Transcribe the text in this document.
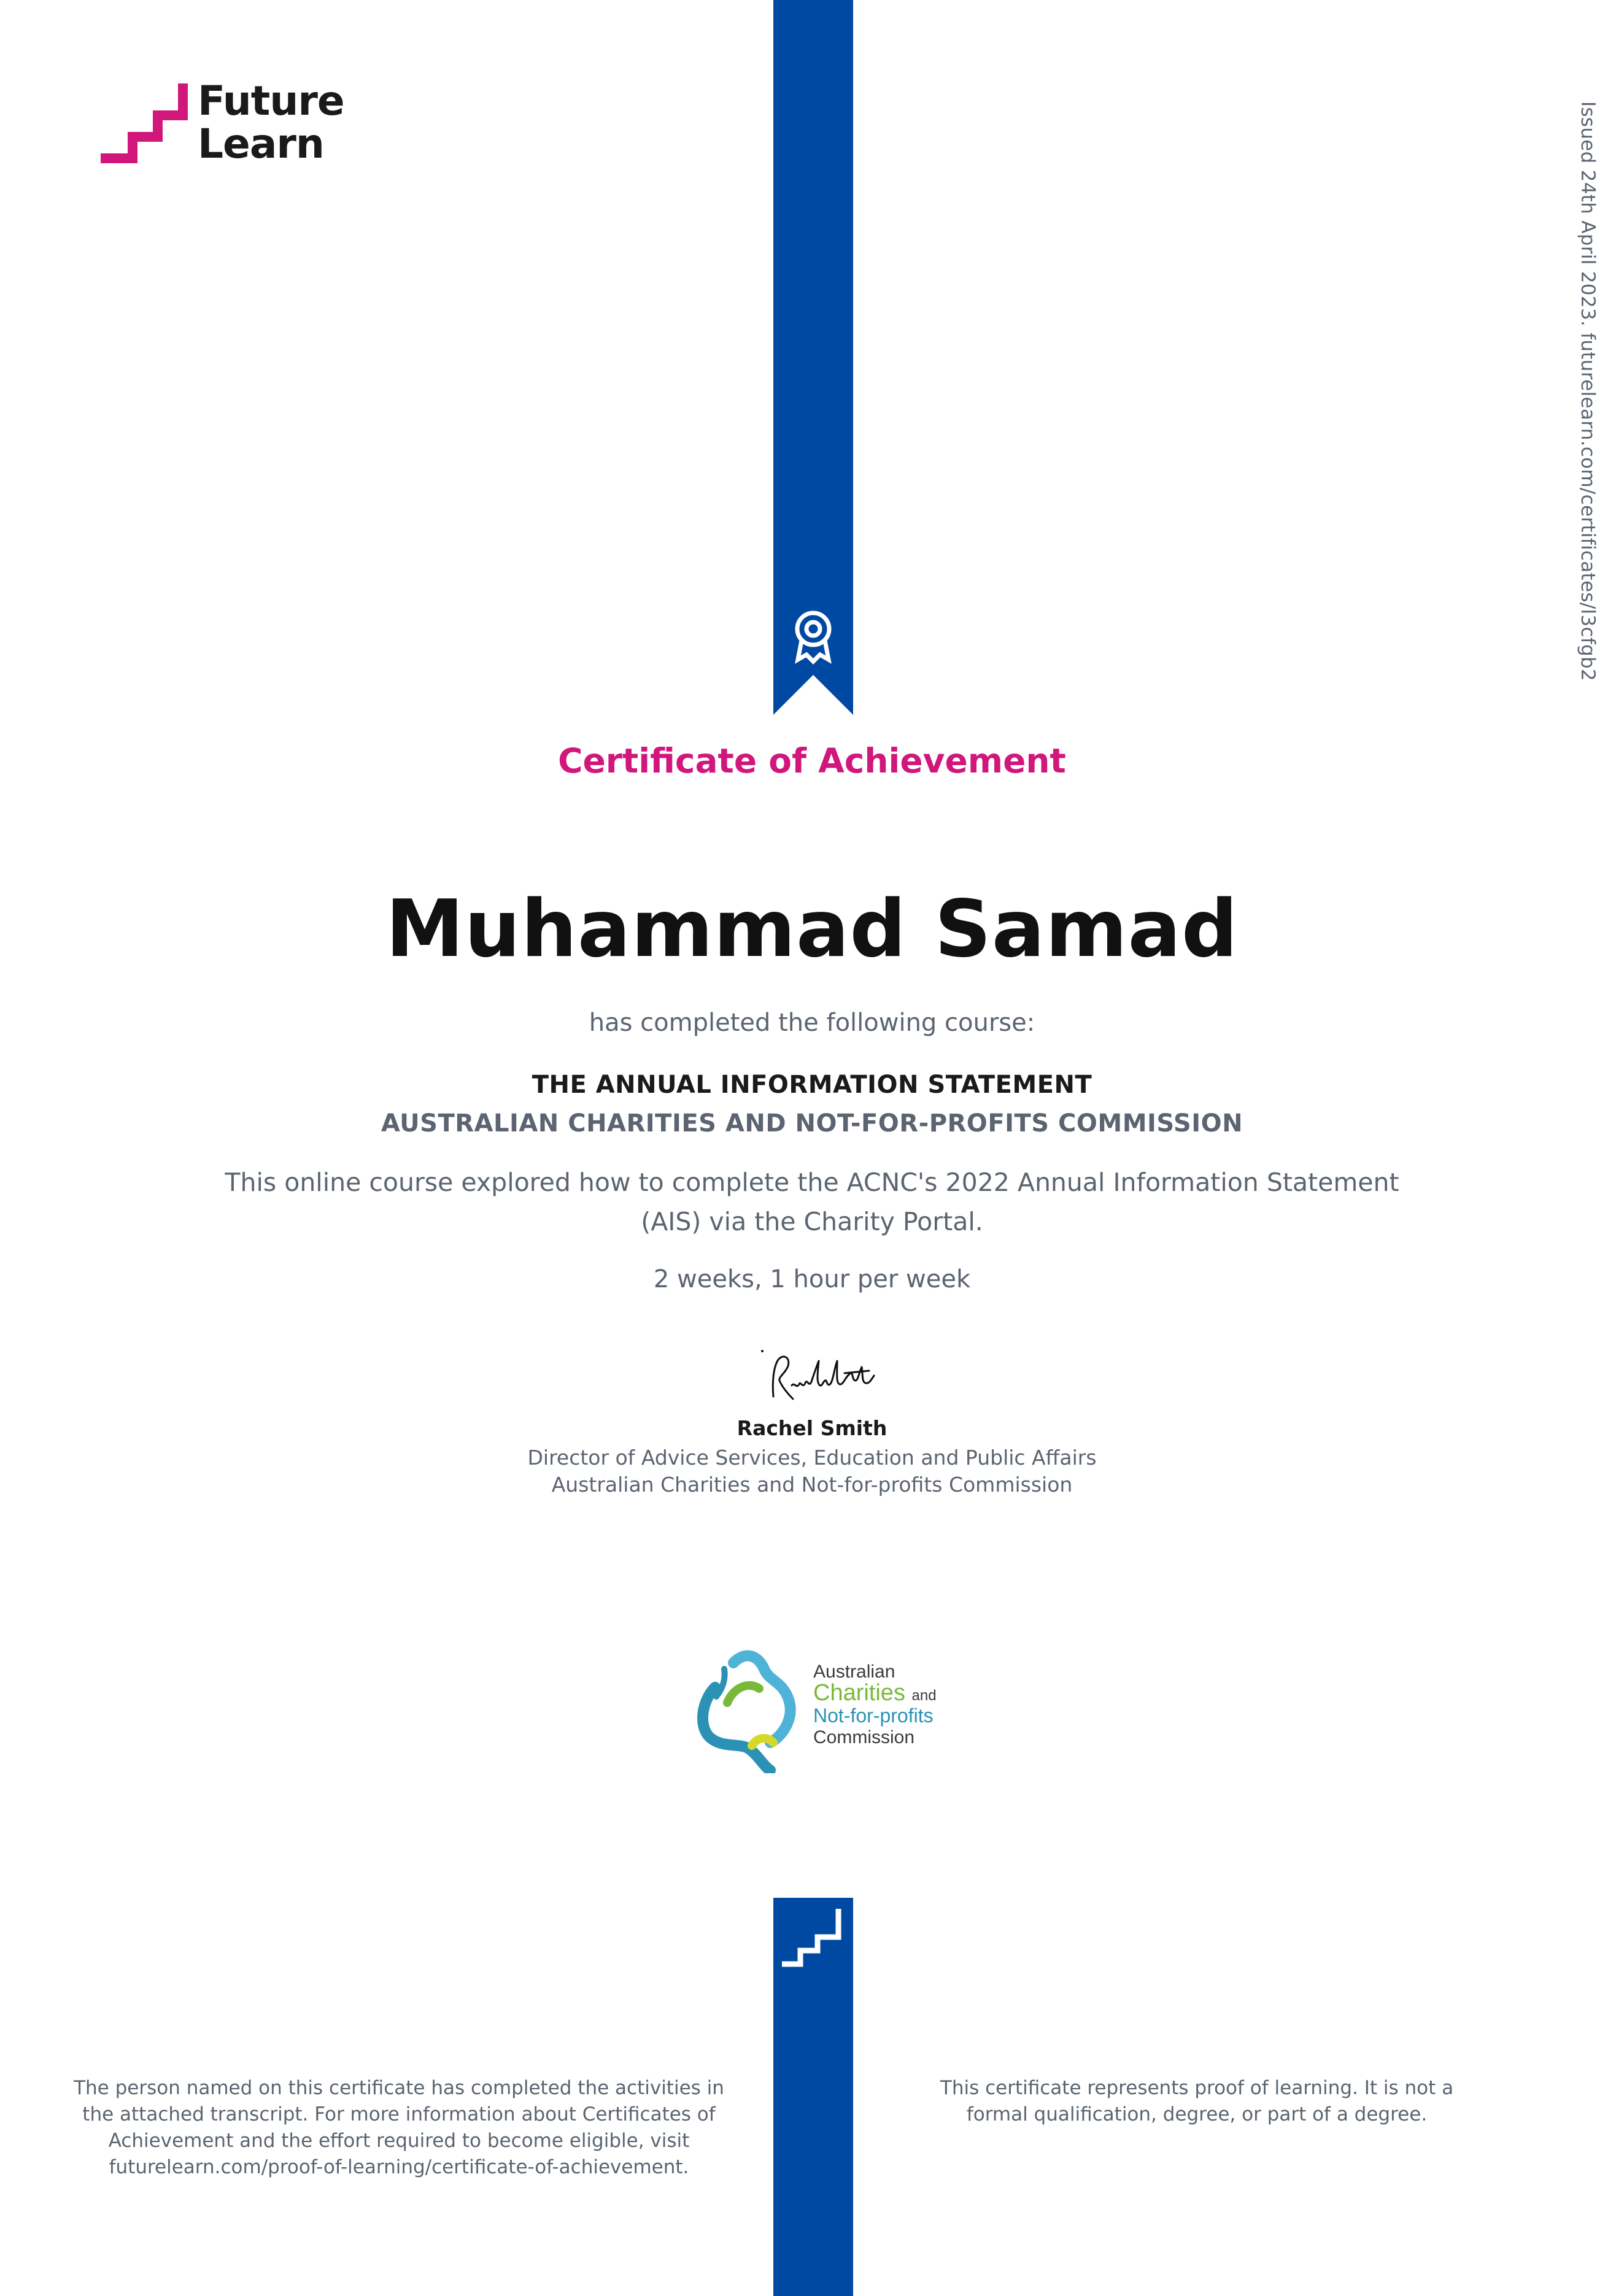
Future
Learn	Issued 24th April 2023. futurelearn.com/certificates/l3cfgb2
Certificate of Achievement
Muhammad Samad
has completed the following course:
THE ANNUAL INFORMATION STATEMENT
AUSTRALIAN CHARITIES AND NOT-FOR-PROFITS COMMISSION
This online course explored how to complete the ACNC's 2022 Annual Information Statement (AIS) via the Charity Portal.
2 weeks, 1 hour per week
Rachel Smith
Director of Advice Services, Education and Public Affairs
Australian Charities and Not-for-profits Commission
Australian
Charities and
Not-for-profits
Commission
The person named on this certificate has completed the activities in the attached transcript. For more information about Certificates of Achievement and the effort required to become eligible, visit futurelearn.com/proof-of-learning/certificate-of-achievement.
This certificate represents proof of learning. It is not a formal qualification, degree, or part of a degree.
